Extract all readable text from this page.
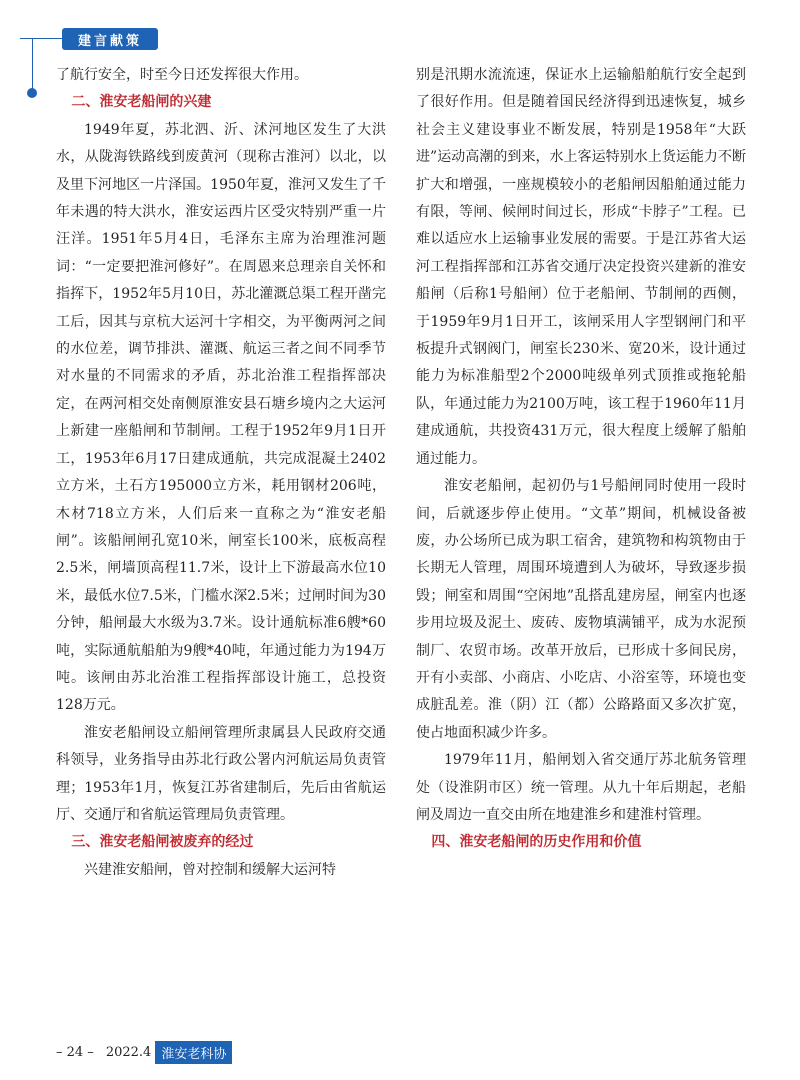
建言献策

了航行安全，时至今日还发挥很大作用。

二、淮安老船闸的兴建

1949年夏，苏北泗、沂、沭河地区发生了大洪水，从陇海铁路线到废黄河（现称古淮河）以北，以及里下河地区一片泽国。1950年夏，淮河又发生了千年未遇的特大洪水，淮安运西片区受灾特别严重一片汪洋。1951年5月4日，毛泽东主席为治理淮河题词：“一定要把淮河修好”。在周恩来总理亲自关怀和指挥下，1952年5月10日，苏北灌溉总渠工程开凿完工后，因其与京杭大运河十字相交，为平衡两河之间的水位差，调节排洪、灌溉、航运三者之间不同季节对水量的不同需求的矛盾，苏北治淮工程指挥部决定，在两河相交处南侧原淮安县石塘乡境内之大运河上新建一座船闸和节制闸。工程于1952年9月1日开工，1953年6月17日建成通航，共完成混凝土2402立方米，土石方195000立方米，耗用钢材206吨，木材718立方米，人们后来一直称之为“淮安老船闸”。该船闸闸孔宽10米，闸室长100米，底板高程2.5米，闸墙顶高程11.7米，设计上下游最高水位10米，最低水位7.5米，门槛水深2.5米；过闸时间为30分钟，船闸最大水级为3.7米。设计通航标准6艘*60吨，实际通航船舶为9艘*40吨，年通过能力为194万吨。该闸由苏北治淮工程指挥部设计施工，总投资128万元。

淮安老船闸设立船闸管理所隶属县人民政府交通科领导，业务指导由苏北行政公署内河航运局负责管理；1953年1月，恢复江苏省建制后，先后由省航运厅、交通厅和省航运管理局负责管理。

三、淮安老船闸被废弃的经过

兴建淮安船闸，曾对控制和缓解大运河特

别是汛期水流流速，保证水上运输船舶航行安全起到了很好作用。但是随着国民经济得到迅速恢复，城乡社会主义建设事业不断发展，特别是1958年“大跃进”运动高潮的到来，水上客运特别水上货运能力不断扩大和增强，一座规模较小的老船闸因船舶通过能力有限，等闸、候闸时间过长，形成“卡脖子”工程。已难以适应水上运输事业发展的需要。于是江苏省大运河工程指挥部和江苏省交通厅决定投资兴建新的淮安船闸（后称1号船闸）位于老船闸、节制闸的西侧，于1959年9月1日开工，该闸采用人字型钢闸门和平板提升式钢阀门，闸室长230米、宽20米，设计通过能力为标准船型2个2000吨级单列式顶推或拖轮船队，年通过能力为2100万吨，该工程于1960年11月建成通航，共投资431万元，很大程度上缓解了船舶通过能力。

淮安老船闸，起初仍与1号船闸同时使用一段时间，后就逐步停止使用。“文革”期间，机械设备被废，办公场所已成为职工宿舍，建筑物和构筑物由于长期无人管理，周围环境遭到人为破坏，导致逐步损毁；闸室和周围“空闲地”乱搭乱建房屋，闸室内也逐步用垃圾及泥土、废砖、废物填满铺平，成为水泥预制厂、农贸市场。改革开放后，已形成十多间民房，开有小卖部、小商店、小吃店、小浴室等，环境也变成脏乱差。淮（阴）江（都）公路路面又多次扩宽，使占地面积减少许多。

1979年11月，船闸划入省交通厅苏北航务管理处（设淮阴市区）统一管理。从九十年后期起，老船闸及周边一直交由所在地建淮乡和建淮村管理。

四、淮安老船闸的历史作用和价值
– 24 – 2022.4 淮安老科协
